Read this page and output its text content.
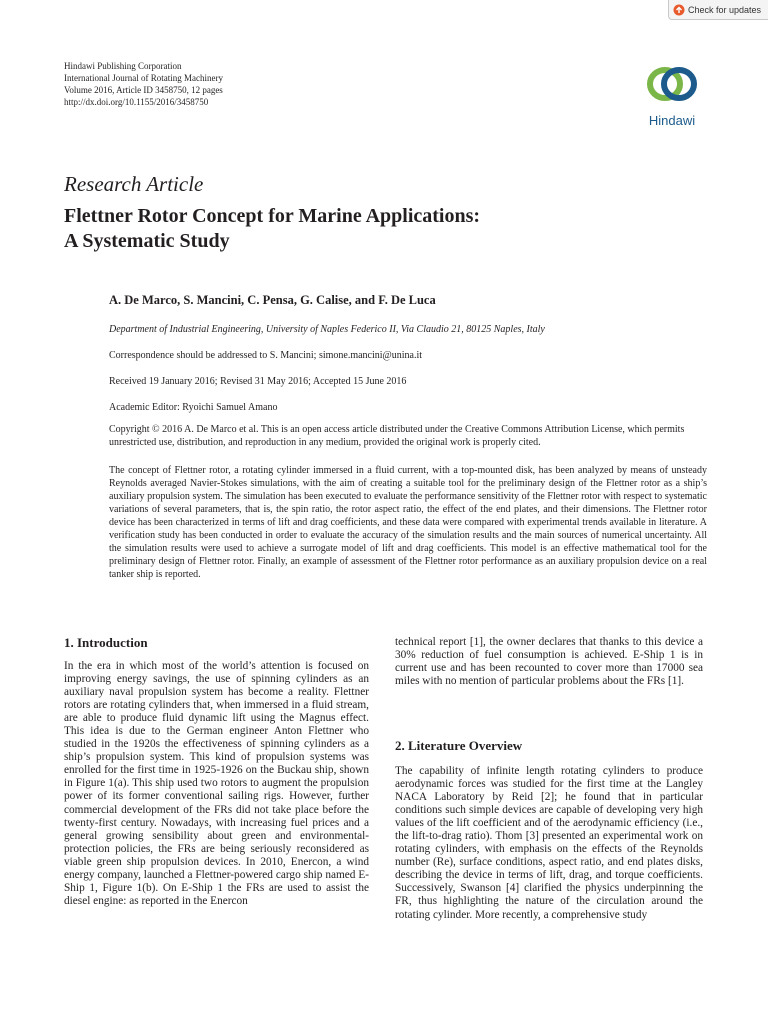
Check for updates
Hindawi Publishing Corporation
International Journal of Rotating Machinery
Volume 2016, Article ID 3458750, 12 pages
http://dx.doi.org/10.1155/2016/3458750
Hindawi
Research Article
Flettner Rotor Concept for Marine Applications:
A Systematic Study
A. De Marco, S. Mancini, C. Pensa, G. Calise, and F. De Luca
Department of Industrial Engineering, University of Naples Federico II, Via Claudio 21, 80125 Naples, Italy
Correspondence should be addressed to S. Mancini; simone.mancini@unina.it
Received 19 January 2016; Revised 31 May 2016; Accepted 15 June 2016
Academic Editor: Ryoichi Samuel Amano
Copyright © 2016 A. De Marco et al. This is an open access article distributed under the Creative Commons Attribution License, which permits unrestricted use, distribution, and reproduction in any medium, provided the original work is properly cited.
The concept of Flettner rotor, a rotating cylinder immersed in a fluid current, with a top-mounted disk, has been analyzed by means of unsteady Reynolds averaged Navier-Stokes simulations, with the aim of creating a suitable tool for the preliminary design of the Flettner rotor as a ship’s auxiliary propulsion system. The simulation has been executed to evaluate the performance sensitivity of the Flettner rotor with respect to systematic variations of several parameters, that is, the spin ratio, the rotor aspect ratio, the effect of the end plates, and their dimensions. The Flettner rotor device has been characterized in terms of lift and drag coefficients, and these data were compared with experimental trends available in literature. A verification study has been conducted in order to evaluate the accuracy of the simulation results and the main sources of numerical uncertainty. All the simulation results were used to achieve a surrogate model of lift and drag coefficients. This model is an effective mathematical tool for the preliminary design of Flettner rotor. Finally, an example of assessment of the Flettner rotor performance as an auxiliary propulsion device on a real tanker ship is reported.
1. Introduction
In the era in which most of the world’s attention is focused on improving energy savings, the use of spinning cylinders as an auxiliary naval propulsion system has become a reality. Flettner rotors are rotating cylinders that, when immersed in a fluid stream, are able to produce fluid dynamic lift using the Magnus effect. This idea is due to the German engineer Anton Flettner who studied in the 1920s the effectiveness of spinning cylinders as a ship’s propulsion system. This kind of propulsion systems was enrolled for the first time in 1925-1926 on the Buckau ship, shown in Figure 1(a). This ship used two rotors to augment the propulsion power of its former conventional sailing rigs. However, further commercial development of the FRs did not take place before the twenty-first century. Nowadays, with increasing fuel prices and a general growing sensibility about green and environmental-protection policies, the FRs are being seriously reconsidered as viable green ship propulsion devices. In 2010, Enercon, a wind energy company, launched a Flettner-powered cargo ship named E-Ship 1, Figure 1(b). On E-Ship 1 the FRs are used to assist the diesel engine: as reported in the Enercon
technical report [1], the owner declares that thanks to this device a 30% reduction of fuel consumption is achieved. E-Ship 1 is in current use and has been recounted to cover more than 17000 sea miles with no mention of particular problems about the FRs [1].
2. Literature Overview
The capability of infinite length rotating cylinders to produce aerodynamic forces was studied for the first time at the Langley NACA Laboratory by Reid [2]; he found that in particular conditions such simple devices are capable of developing very high values of the lift coefficient and of the aerodynamic efficiency (i.e., the lift-to-drag ratio). Thom [3] presented an experimental work on rotating cylinders, with emphasis on the effects of the Reynolds number (Re), surface conditions, aspect ratio, and end plates disks, describing the device in terms of lift, drag, and torque coefficients. Successively, Swanson [4] clarified the physics underpinning the FR, thus highlighting the nature of the circulation around the rotating cylinder. More recently, a comprehensive study
